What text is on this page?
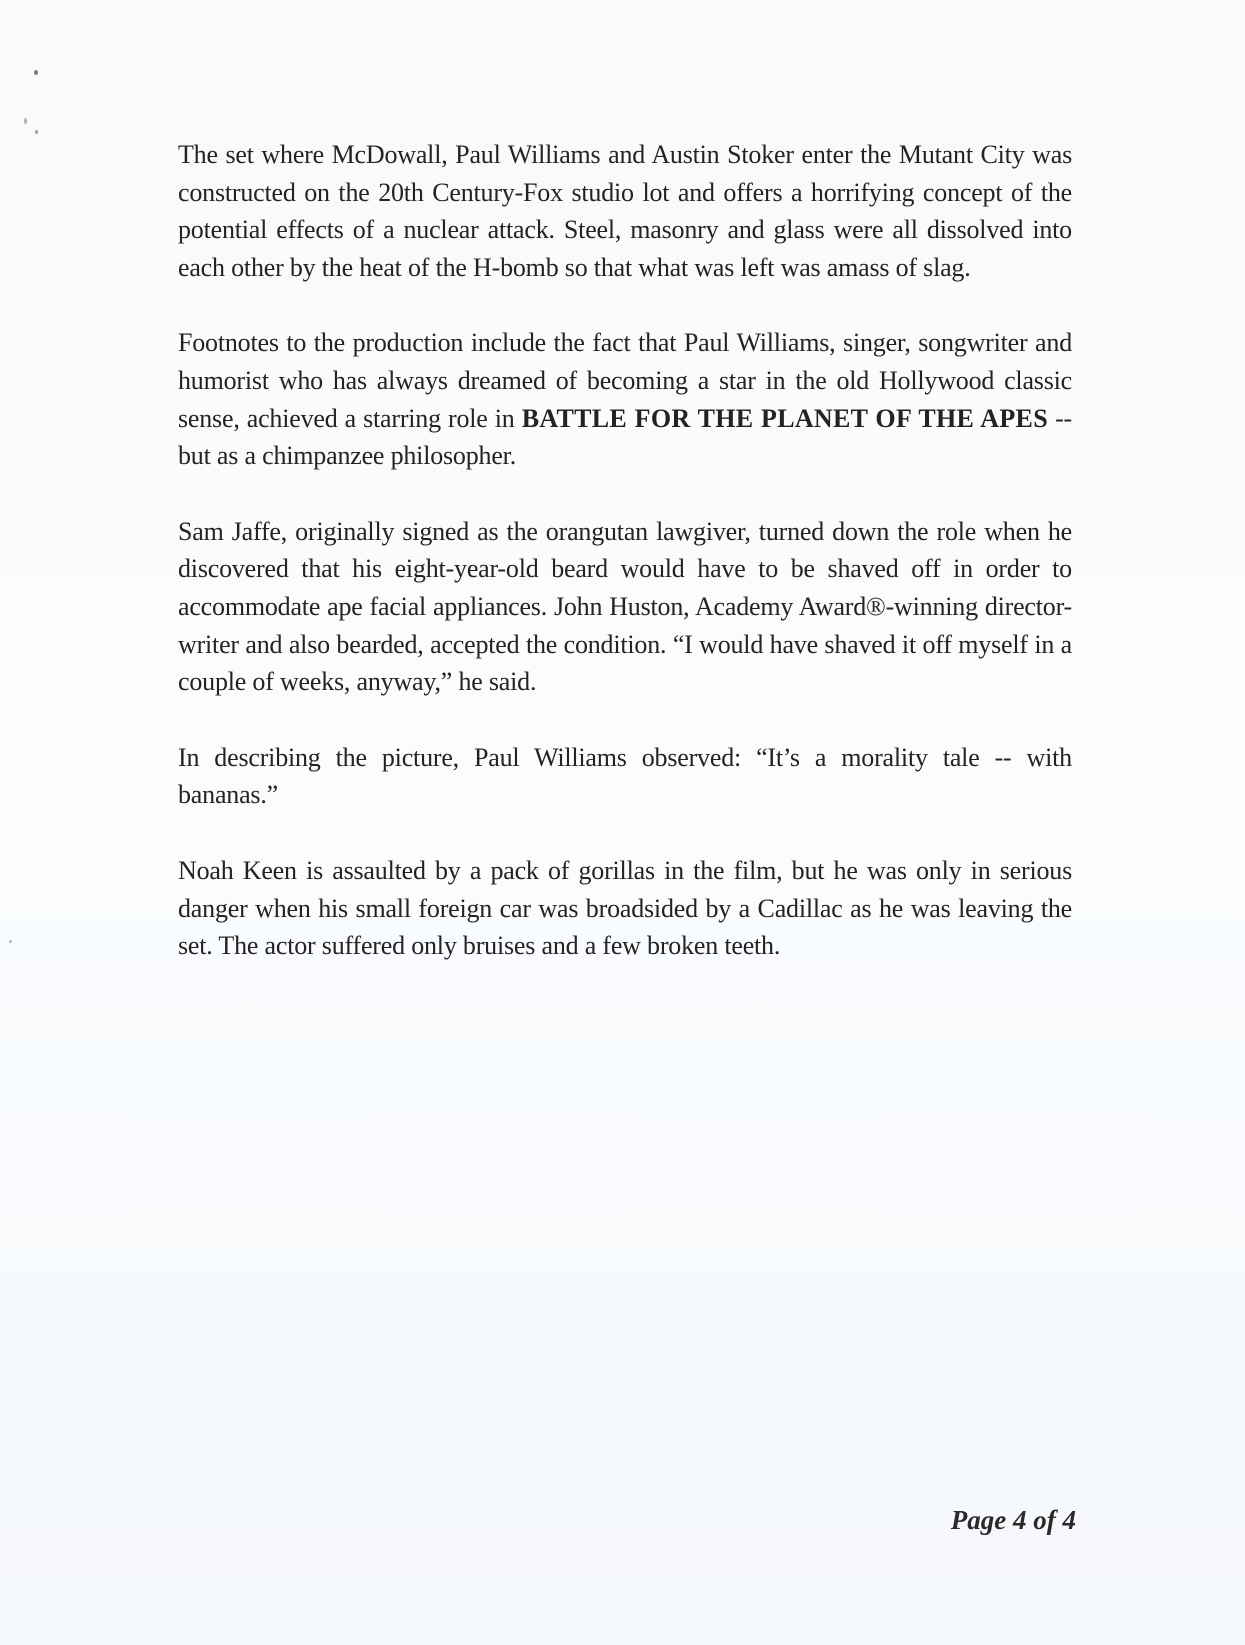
The set where McDowall, Paul Williams and Austin Stoker enter the Mutant City was constructed on the 20th Century-Fox studio lot and offers a horrifying concept of the potential effects of a nuclear attack. Steel, masonry and glass were all dissolved into each other by the heat of the H-bomb so that what was left was amass of slag.

Footnotes to the production include the fact that Paul Williams, singer, songwriter and humorist who has always dreamed of becoming a star in the old Hollywood classic sense, achieved a starring role in BATTLE FOR THE PLANET OF THE APES -- but as a chimpanzee philosopher.

Sam Jaffe, originally signed as the orangutan lawgiver, turned down the role when he discovered that his eight-year-old beard would have to be shaved off in order to accommodate ape facial appliances. John Huston, Academy Award®-winning director-writer and also bearded, accepted the condition. “I would have shaved it off myself in a couple of weeks, anyway,” he said.

In describing the picture, Paul Williams observed: “It’s a morality tale -- with bananas.”

Noah Keen is assaulted by a pack of gorillas in the film, but he was only in serious danger when his small foreign car was broadsided by a Cadillac as he was leaving the set. The actor suffered only bruises and a few broken teeth.

Page 4 of 4
